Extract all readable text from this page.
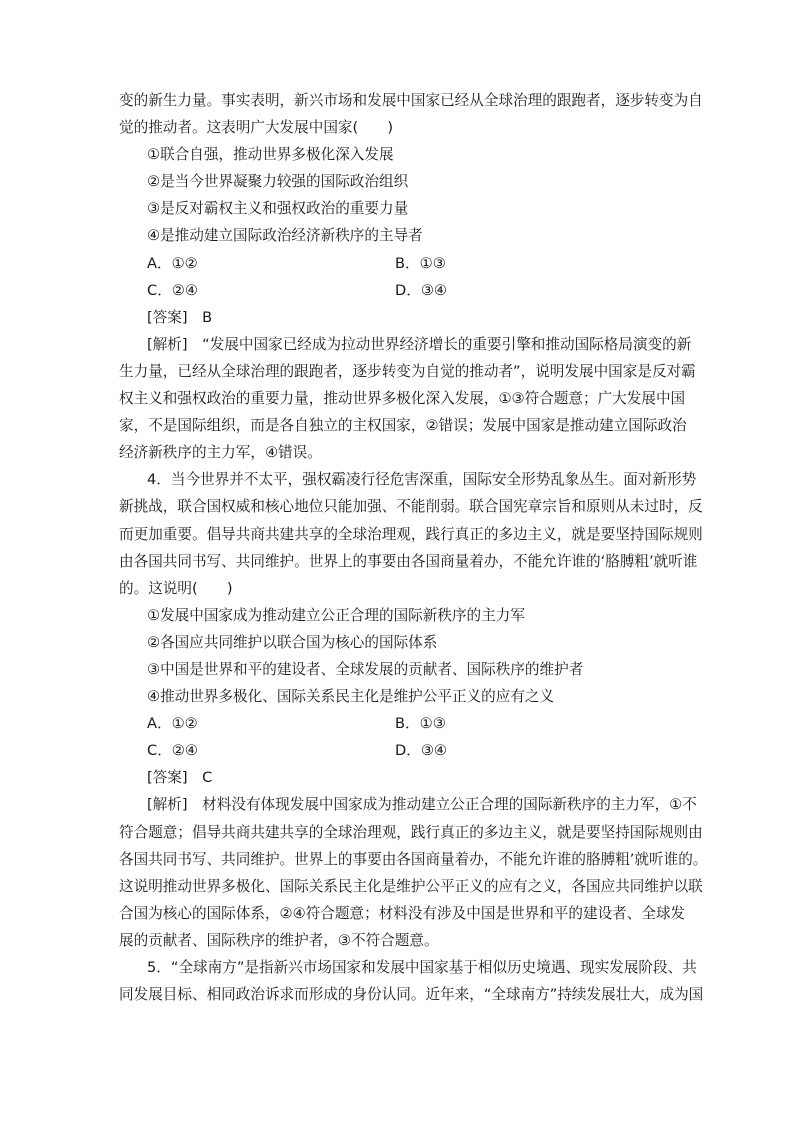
变的新生力量。事实表明，新兴市场和发展中国家已经从全球治理的跟跑者，逐步转变为自
觉的推动者。这表明广大发展中国家(　　)
①联合自强，推动世界多极化深入发展
②是当今世界凝聚力较强的国际政治组织
③是反对霸权主义和强权政治的重要力量
④是推动建立国际政治经济新秩序的主导者
A．①②	B．①③
C．②④	D．③④
[答案]　B
[解析]　“发展中国家已经成为拉动世界经济增长的重要引擎和推动国际格局演变的新
生力量，已经从全球治理的跟跑者，逐步转变为自觉的推动者”，说明发展中国家是反对霸
权主义和强权政治的重要力量，推动世界多极化深入发展，①③符合题意；广大发展中国
家，不是国际组织，而是各自独立的主权国家，②错误；发展中国家是推动建立国际政治
经济新秩序的主力军，④错误。
4．当今世界并不太平，强权霸凌行径危害深重，国际安全形势乱象丛生。面对新形势
新挑战，联合国权威和核心地位只能加强、不能削弱。联合国宪章宗旨和原则从未过时，反
而更加重要。倡导共商共建共享的全球治理观，践行真正的多边主义，就是要坚持国际规则
由各国共同书写、共同维护。世界上的事要由各国商量着办，不能允许谁的‘胳膊粗’就听谁
的。这说明(　　)
①发展中国家成为推动建立公正合理的国际新秩序的主力军
②各国应共同维护以联合国为核心的国际体系
③中国是世界和平的建设者、全球发展的贡献者、国际秩序的维护者
④推动世界多极化、国际关系民主化是维护公平正义的应有之义
A．①②	B．①③
C．②④	D．③④
[答案]　C
[解析]　材料没有体现发展中国家成为推动建立公正合理的国际新秩序的主力军，①不
符合题意；倡导共商共建共享的全球治理观，践行真正的多边主义，就是要坚持国际规则由
各国共同书写、共同维护。世界上的事要由各国商量着办，不能允许谁的胳膊粗’就听谁的。
这说明推动世界多极化、国际关系民主化是维护公平正义的应有之义，各国应共同维护以联
合国为核心的国际体系，②④符合题意；材料没有涉及中国是世界和平的建设者、全球发
展的贡献者、国际秩序的维护者，③不符合题意。
5．“全球南方”是指新兴市场国家和发展中国家基于相似历史境遇、现实发展阶段、共
同发展目标、相同政治诉求而形成的身份认同。近年来，“全球南方”持续发展壮大，成为国
